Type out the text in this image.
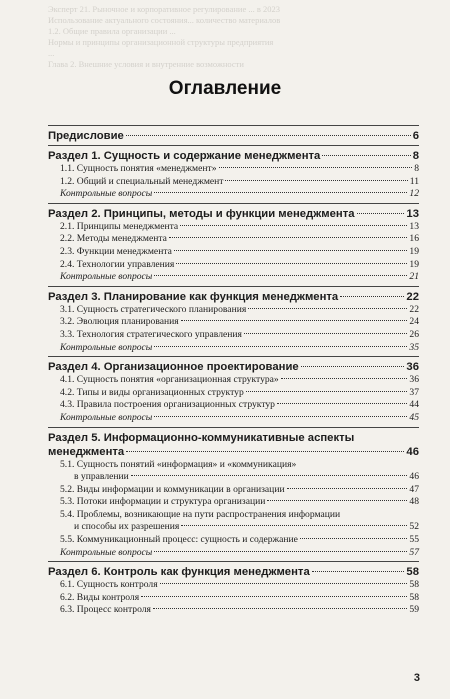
Эксперт 21. Рыночное и корпоративное регулирование ... в 2023
Использование актуального состояния... количество материалов
1.2. Общие правила организации ...
Нормы и принципы организационной структуры предприятия
...
Глава 2. Внешние условия и внутренние возможности
Оглавление
Предисловие	6
Раздел 1. Сущность и содержание менеджмента	8
1.1. Сущность понятия «менеджмент»	8
1.2. Общий и специальный менеджмент	11
Контрольные вопросы	12
Раздел 2. Принципы, методы и функции менеджмента	13
2.1. Принципы менеджмента	13
2.2. Методы менеджмента	16
2.3. Функции менеджмента	19
2.4. Технологии управления	19
Контрольные вопросы	21
Раздел 3. Планирование как функция менеджмента	22
3.1. Сущность стратегического планирования	22
3.2. Эволюция планирования	24
3.3. Технология стратегического управления	26
Контрольные вопросы	35
Раздел 4. Организационное проектирование	36
4.1. Сущность понятия «организационная структура»	36
4.2. Типы и виды организационных структур	37
4.3. Правила построения организационных структур	44
Контрольные вопросы	45
Раздел 5. Информационно-коммуникативные аспекты
менеджмента	46
5.1. Сущность понятий «информация» и «коммуникация»
в управлении	46
5.2. Виды информации и коммуникации в организации	47
5.3. Потоки информации и структура организации	48
5.4. Проблемы, возникающие на пути распространения информации
и способы их разрешения	52
5.5. Коммуникационный процесс: сущность и содержание	55
Контрольные вопросы	57
Раздел 6. Контроль как функция менеджмента	58
6.1. Сущность контроля	58
6.2. Виды контроля	58
6.3. Процесс контроля	59
3
